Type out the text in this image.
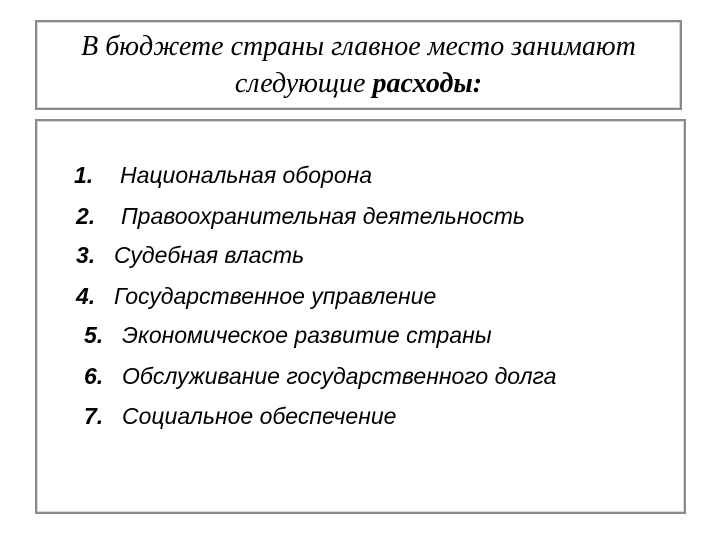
В бюджете страны главное место занимают
следующие расходы:
1. Национальная оборона
2. Правоохранительная деятельность
3. Судебная власть
4. Государственное управление
5. Экономическое развитие страны
6. Обслуживание государственного долга
7. Социальное обеспечение
